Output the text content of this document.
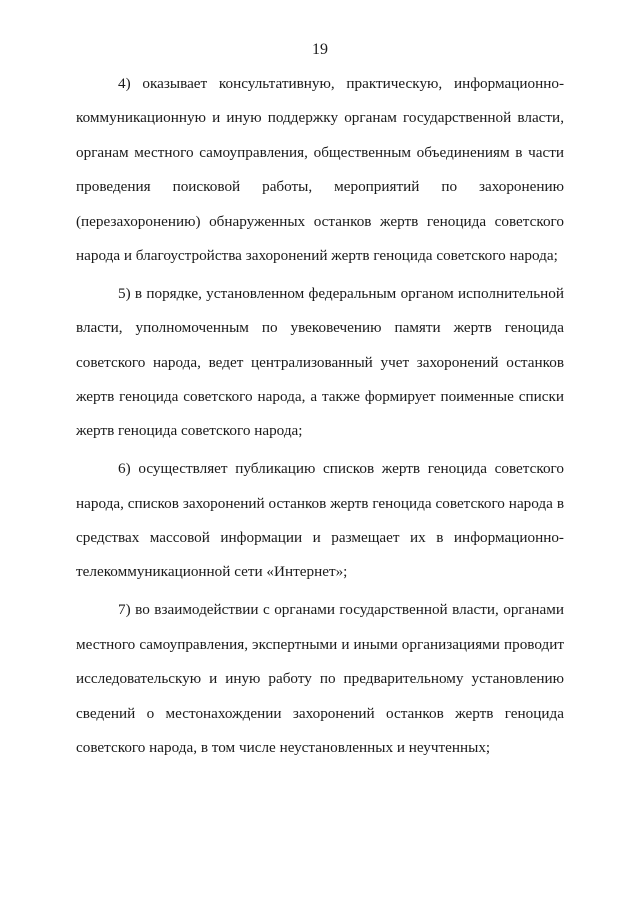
19
4) оказывает консультативную, практическую, информационно-
коммуникационную и иную поддержку органам государственной власти,
органам местного самоуправления, общественным объединениям в части
проведения поисковой работы, мероприятий по захоронению
(перезахоронению) обнаруженных останков жертв геноцида советского
народа и благоустройства захоронений жертв геноцида советского народа;
5) в порядке, установленном федеральным органом исполнительной
власти, уполномоченным по увековечению памяти жертв геноцида
советского народа, ведет централизованный учет захоронений останков
жертв геноцида советского народа, а также формирует поименные списки
жертв геноцида советского народа;
6) осуществляет публикацию списков жертв геноцида советского
народа, списков захоронений останков жертв геноцида советского народа в
средствах массовой информации и размещает их в информационно-
телекоммуникационной сети «Интернет»;
7) во взаимодействии с органами государственной власти, органами
местного самоуправления, экспертными и иными организациями проводит
исследовательскую и иную работу по предварительному установлению
сведений о местонахождении захоронений останков жертв геноцида
советского народа, в том числе неустановленных и неучтенных;
